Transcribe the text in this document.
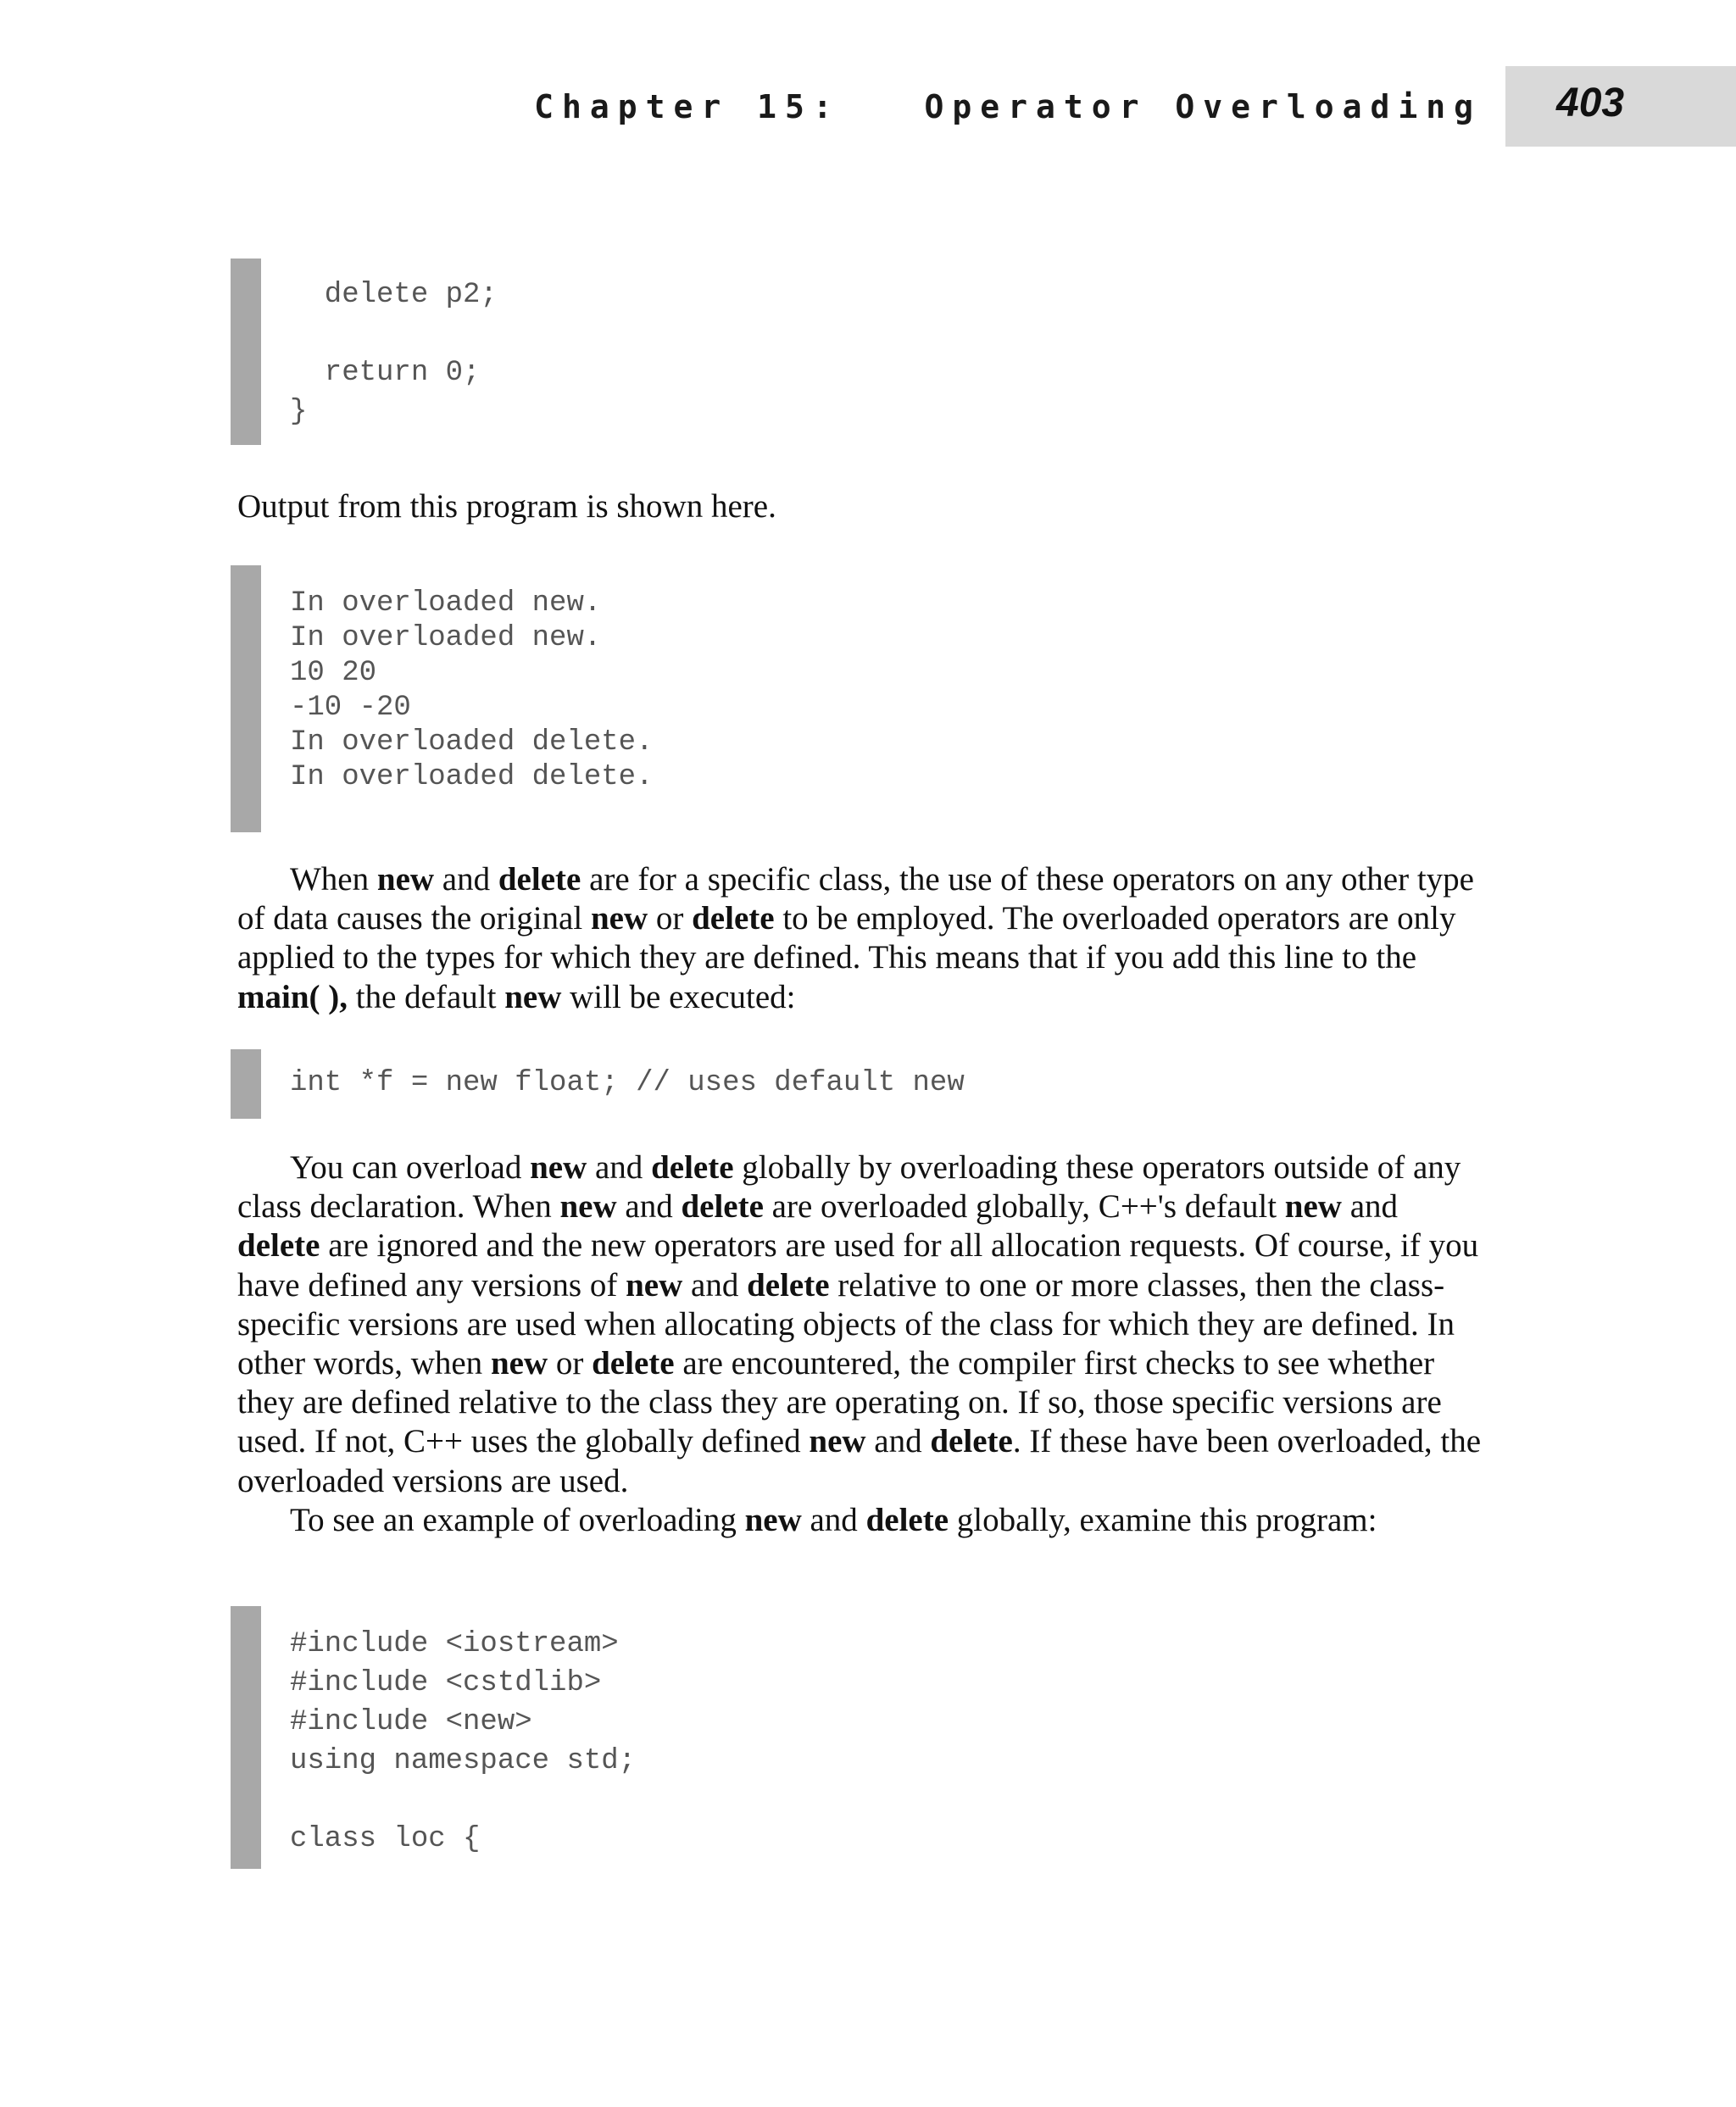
Chapter 15:	Operator Overloading 403
delete p2;
return 0;
}

Output from this program is shown here.

In overloaded new.
In overloaded new.
10 20
-10 -20
In overloaded delete.
In overloaded delete.

When new and delete are for a specific class, the use of these operators on any other type of data causes the original new or delete to be employed. The overloaded operators are only applied to the types for which they are defined. This means that if you add this line to the main( ), the default new will be executed:

int *f = new float; // uses default new

You can overload new and delete globally by overloading these operators outside of any class declaration. When new and delete are overloaded globally, C++'s default new and delete are ignored and the new operators are used for all allocation requests. Of course, if you have defined any versions of new and delete relative to one or more classes, then the class-specific versions are used when allocating objects of the class for which they are defined. In other words, when new or delete are encountered, the compiler first checks to see whether they are defined relative to the class they are operating on. If so, those specific versions are used. If not, C++ uses the globally defined new and delete. If these have been overloaded, the overloaded versions are used.

To see an example of overloading new and delete globally, examine this program:

#include <iostream>
#include <cstdlib>
#include <new>
using namespace std;
class loc {
